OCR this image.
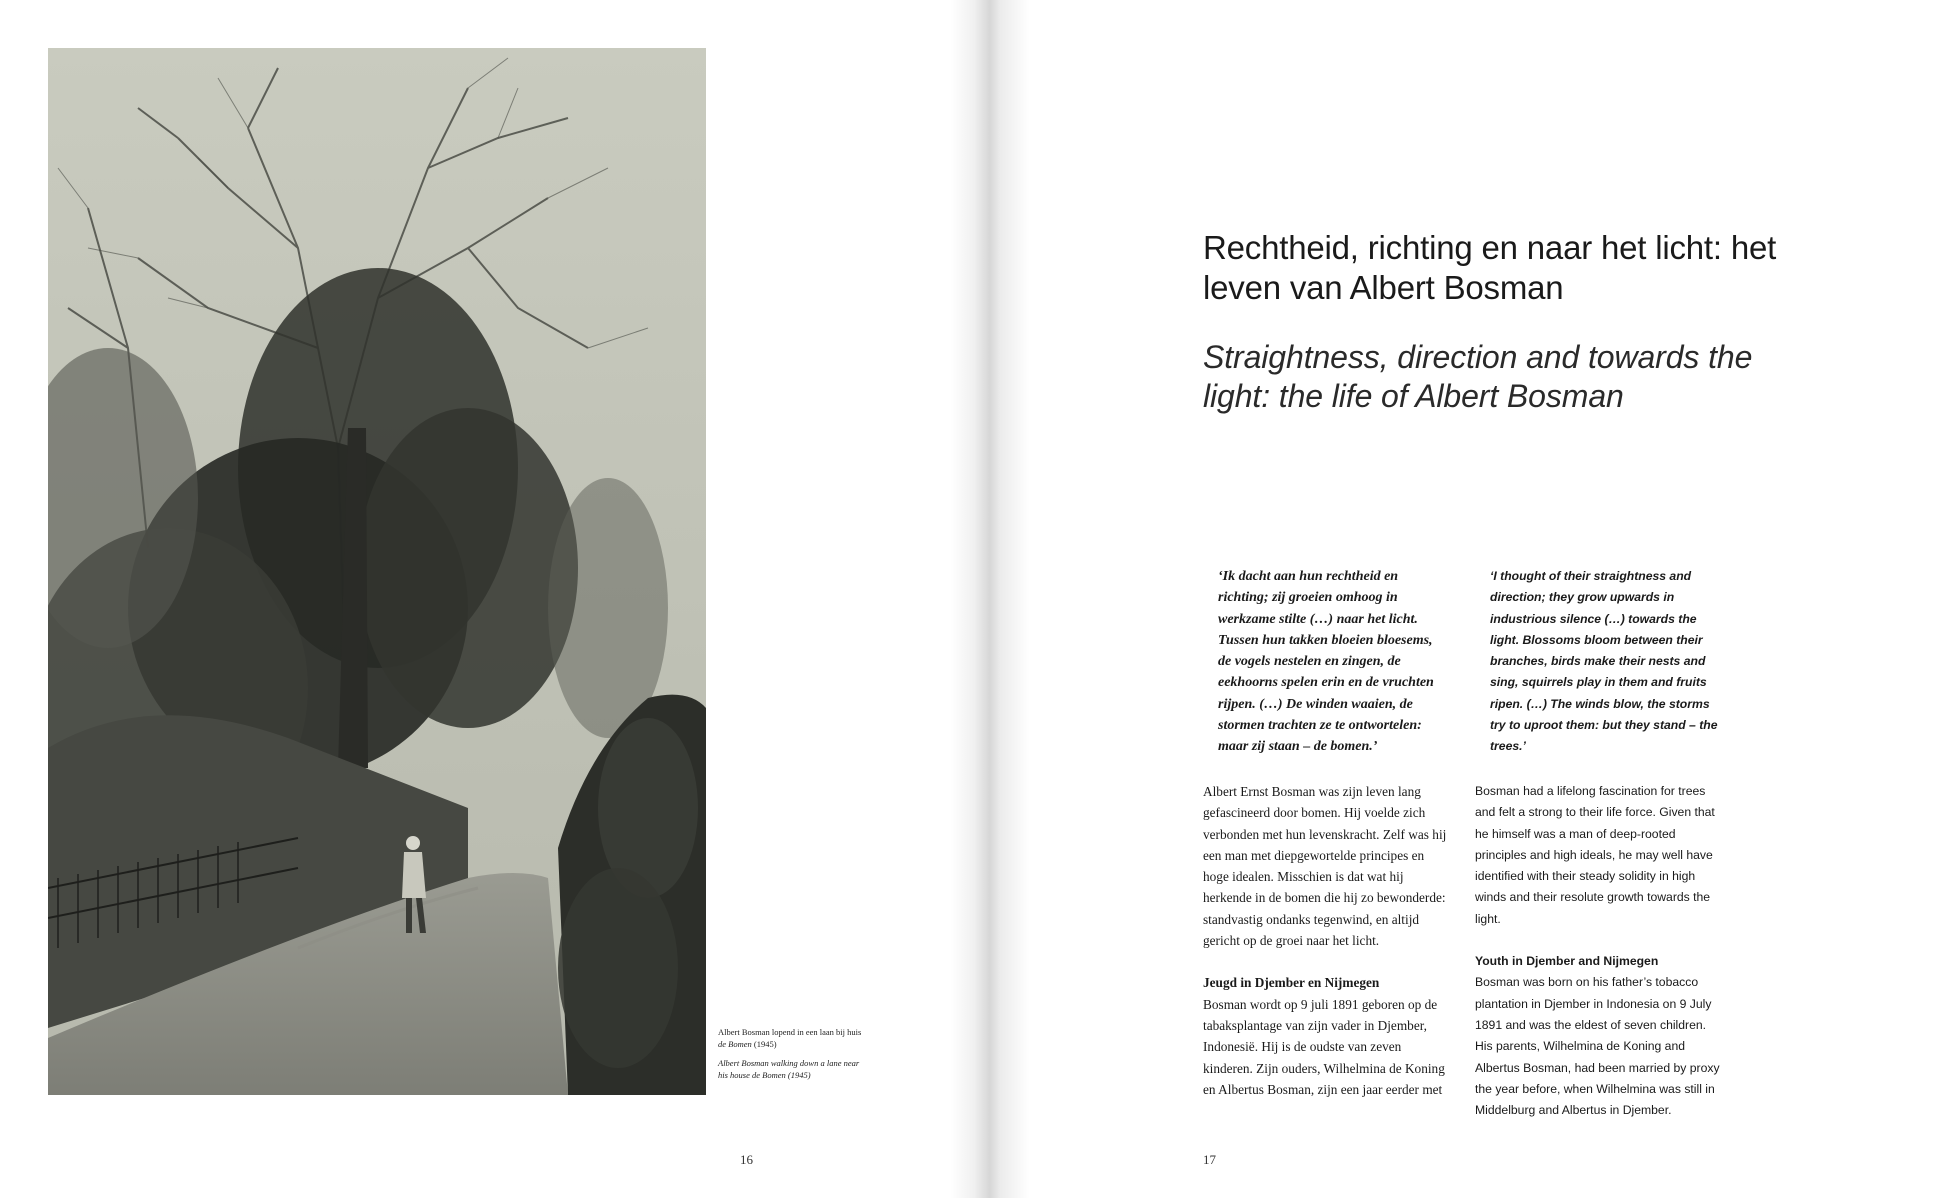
Albert Bosman lopend in een laan bij huis
de Bomen (1945)
Albert Bosman walking down a lane near
his house de Bomen (1945)
16
Rechtheid, richting en naar het licht: het leven van Albert Bosman
Straightness, direction and towards the light: the life of Albert Bosman
‘Ik dacht aan hun rechtheid en richting; zij groeien omhoog in werkzame stilte (…) naar het licht. Tussen hun takken bloeien bloesems, de vogels nestelen en zingen, de eekhoorns spelen erin en de vruchten rijpen. (…) De winden waaien, de stormen trachten ze te ontwortelen: maar zij staan – de bomen.’
‘I thought of their straightness and direction; they grow upwards in industrious silence (…) towards the light. Blossoms bloom between their branches, birds make their nests and sing, squirrels play in them and fruits ripen. (…) The winds blow, the storms try to uproot them: but they stand – the trees.’

Albert Ernst Bosman was zijn leven lang gefascineerd door bomen. Hij voelde zich verbonden met hun levenskracht. Zelf was hij een man met diepgewortelde principes en hoge idealen. Misschien is dat wat hij herkende in de bomen die hij zo bewonderde: standvastig ondanks tegenwind, en altijd gericht op de groei naar het licht.

Jeugd in Djember en Nijmegen

Bosman wordt op 9 juli 1891 geboren op de tabaksplantage van zijn vader in Djember, Indonesië. Hij is de oudste van zeven kinderen. Zijn ouders, Wilhelmina de Koning en Albertus Bosman, zijn een jaar eerder met

Bosman had a lifelong fascination for trees and felt a strong to their life force. Given that he himself was a man of deep-rooted principles and high ideals, he may well have identified with their steady solidity in high winds and their resolute growth towards the light.

Youth in Djember and Nijmegen

Bosman was born on his father’s tobacco plantation in Djember in Indonesia on 9 July 1891 and was the eldest of seven children. His parents, Wilhelmina de Koning and Albertus Bosman, had been married by proxy the year before, when Wilhelmina was still in Middelburg and Albertus in Djember.

17
